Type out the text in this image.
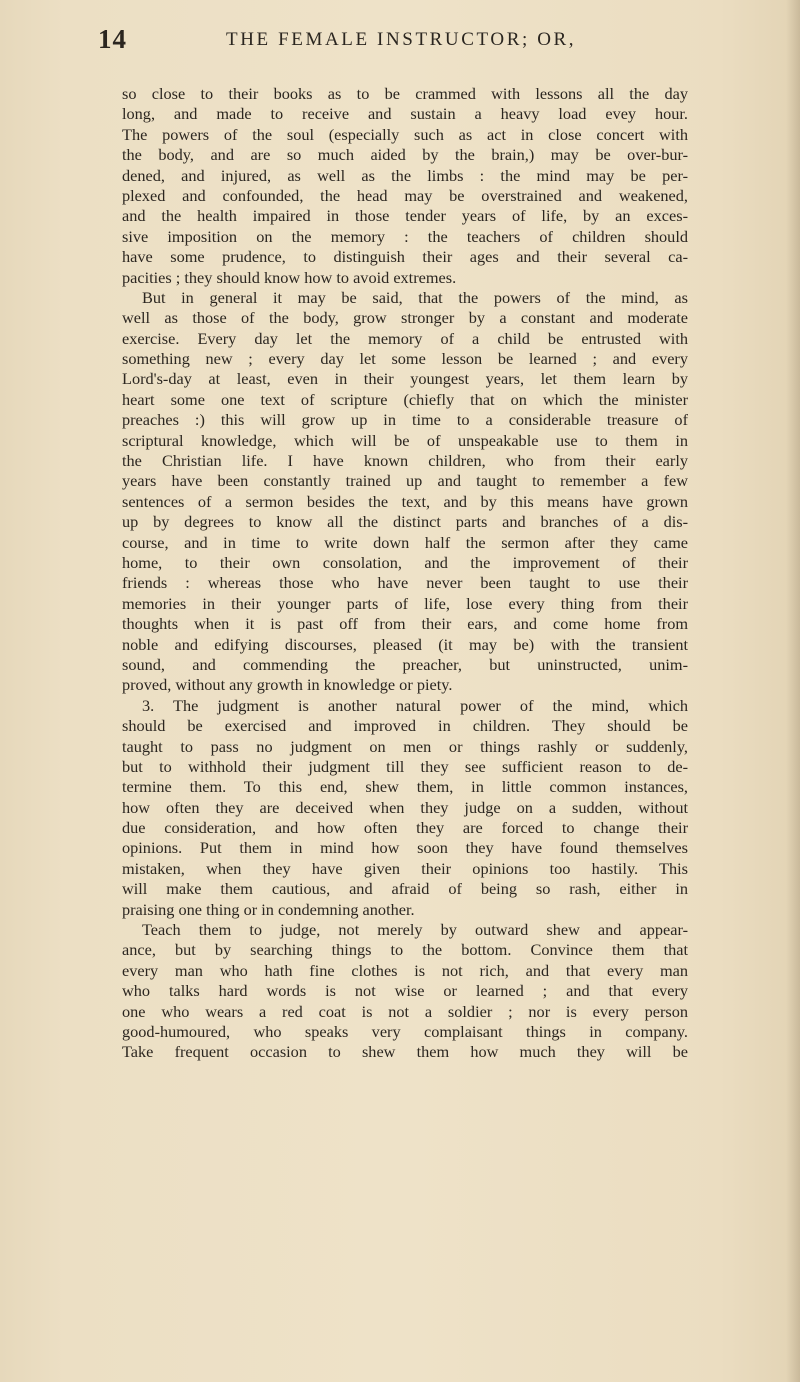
14	THE FEMALE INSTRUCTOR; OR,
so close to their books as to be crammed with lessons all the day
long, and made to receive and sustain a heavy load evey hour.
The powers of the soul (especially such as act in close concert with
the body, and are so much aided by the brain,) may be over-bur-
dened, and injured, as well as the limbs : the mind may be per-
plexed and confounded, the head may be overstrained and weakened,
and the health impaired in those tender years of life, by an exces-
sive imposition on the memory : the teachers of children should
have some prudence, to distinguish their ages and their several ca-
pacities ; they should know how to avoid extremes.
But in general it may be said, that the powers of the mind, as
well as those of the body, grow stronger by a constant and moderate
exercise. Every day let the memory of a child be entrusted with
something new ; every day let some lesson be learned ; and every
Lord's-day at least, even in their youngest years, let them learn by
heart some one text of scripture (chiefly that on which the minister
preaches :) this will grow up in time to a considerable treasure of
scriptural knowledge, which will be of unspeakable use to them in
the Christian life. I have known children, who from their early
years have been constantly trained up and taught to remember a few
sentences of a sermon besides the text, and by this means have grown
up by degrees to know all the distinct parts and branches of a dis-
course, and in time to write down half the sermon after they came
home, to their own consolation, and the improvement of their
friends : whereas those who have never been taught to use their
memories in their younger parts of life, lose every thing from their
thoughts when it is past off from their ears, and come home from
noble and edifying discourses, pleased (it may be) with the transient
sound, and commending the preacher, but uninstructed, unim-
proved, without any growth in knowledge or piety.
3. The judgment is another natural power of the mind, which
should be exercised and improved in children. They should be
taught to pass no judgment on men or things rashly or suddenly,
but to withhold their judgment till they see sufficient reason to de-
termine them. To this end, shew them, in little common instances,
how often they are deceived when they judge on a sudden, without
due consideration, and how often they are forced to change their
opinions. Put them in mind how soon they have found themselves
mistaken, when they have given their opinions too hastily. This
will make them cautious, and afraid of being so rash, either in
praising one thing or in condemning another.
Teach them to judge, not merely by outward shew and appear-
ance, but by searching things to the bottom. Convince them that
every man who hath fine clothes is not rich, and that every man
who talks hard words is not wise or learned ; and that every
one who wears a red coat is not a soldier ; nor is every person
good-humoured, who speaks very complaisant things in company.
Take frequent occasion to shew them how much they will be
